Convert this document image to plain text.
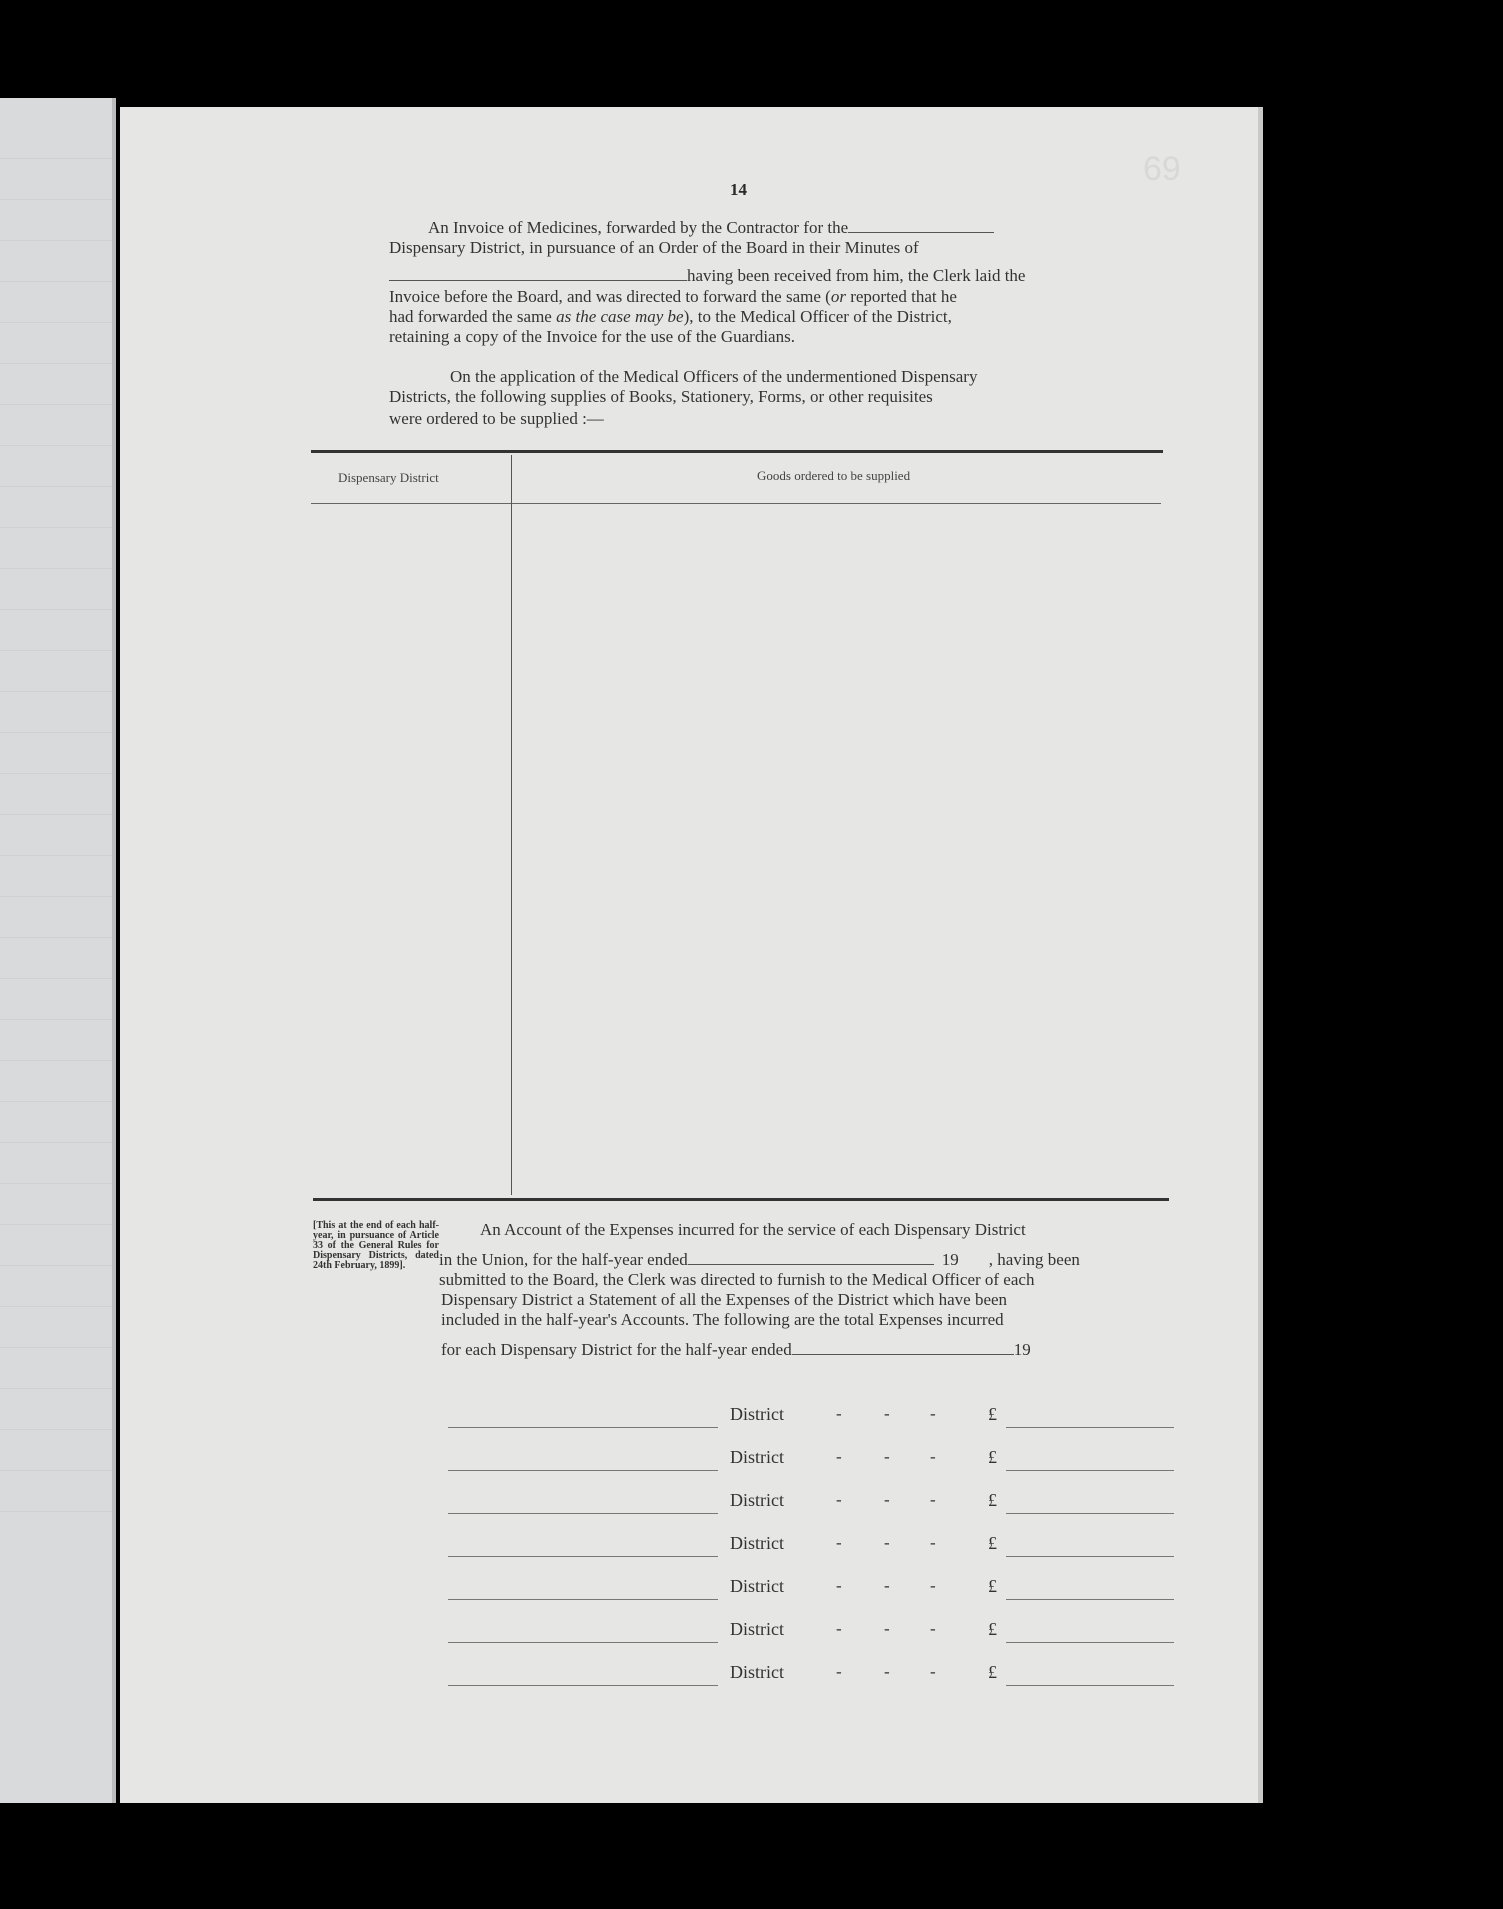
69
14
An Invoice of Medicines, forwarded by the Contractor for the
Dispensary District, in pursuance of an Order of the Board in their Minutes of
having been received from him, the Clerk laid the
Invoice before the Board, and was directed to forward the same (or reported that he
had forwarded the same as the case may be), to the Medical Officer of the District,
retaining a copy of the Invoice for the use of the Guardians.
On the application of the Medical Officers of the undermentioned Dispensary
Districts, the following supplies of Books, Stationery, Forms, or other requisites
were ordered to be supplied :—
Dispensary District	Goods ordered to be supplied
[This at the end of each half-year, in pursuance of Article 33 of the General Rules for Dispensary Districts, dated 24th February, 1899].
An Account of the Expenses incurred for the service of each Dispensary District
in the Union, for the half-year ended	19 , having been
submitted to the Board, the Clerk was directed to furnish to the Medical Officer of each
Dispensary District a Statement of all the Expenses of the District which have been
included in the half-year's Accounts. The following are the total Expenses incurred
for each Dispensary District for the half-year ended	19
District	- - -	£
District	- - -	£
District	- - -	£
District	- - -	£
District	- - -	£
District	- - -	£
District	- - -	£
